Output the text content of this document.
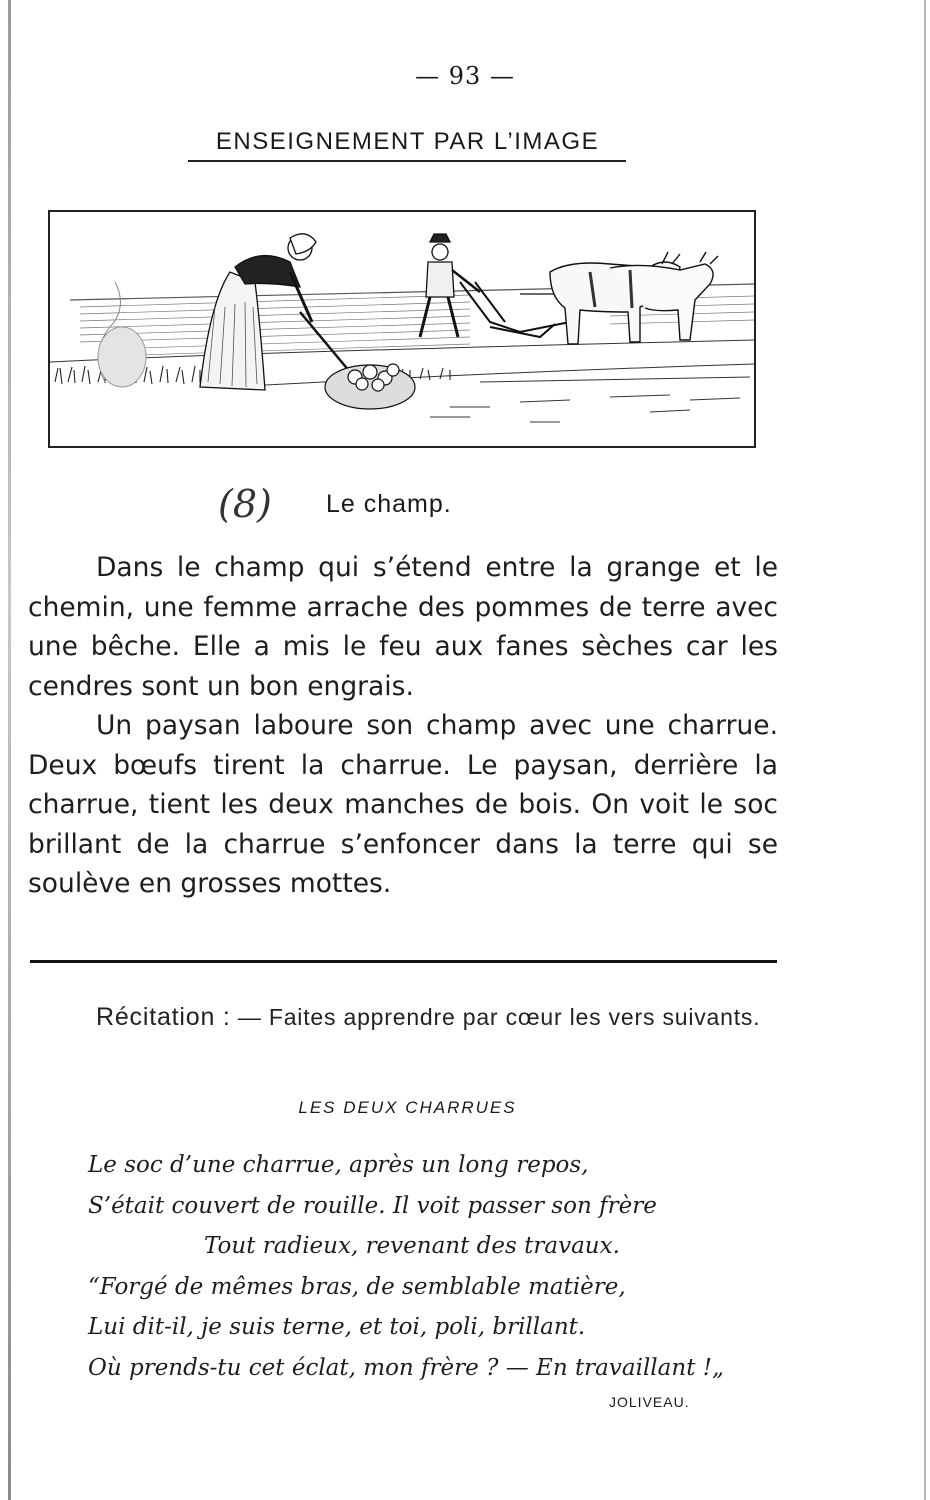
— 93 —
ENSEIGNEMENT PAR L’IMAGE
(8) Le champ.

Dans le champ qui s’étend entre la grange et le chemin, une femme arrache des pommes de terre avec une bêche. Elle a mis le feu aux fanes sèches car les cendres sont un bon engrais.

Un paysan laboure son champ avec une charrue. Deux bœufs tirent la charrue. Le paysan, derrière la charrue, tient les deux manches de bois. On voit le soc brillant de la charrue s’enfoncer dans la terre qui se soulève en grosses mottes.

Récitation : — Faites apprendre par cœur les vers suivants.
LES DEUX CHARRUES
Le soc d’une charrue, après un long repos,
S’était couvert de rouille. Il voit passer son frère
Tout radieux, revenant des travaux.
“Forgé de mêmes bras, de semblable matière,
Lui dit-il, je suis terne, et toi, poli, brillant.
Où prends-tu cet éclat, mon frère ? — En travaillant !„
JOLIVEAU.
